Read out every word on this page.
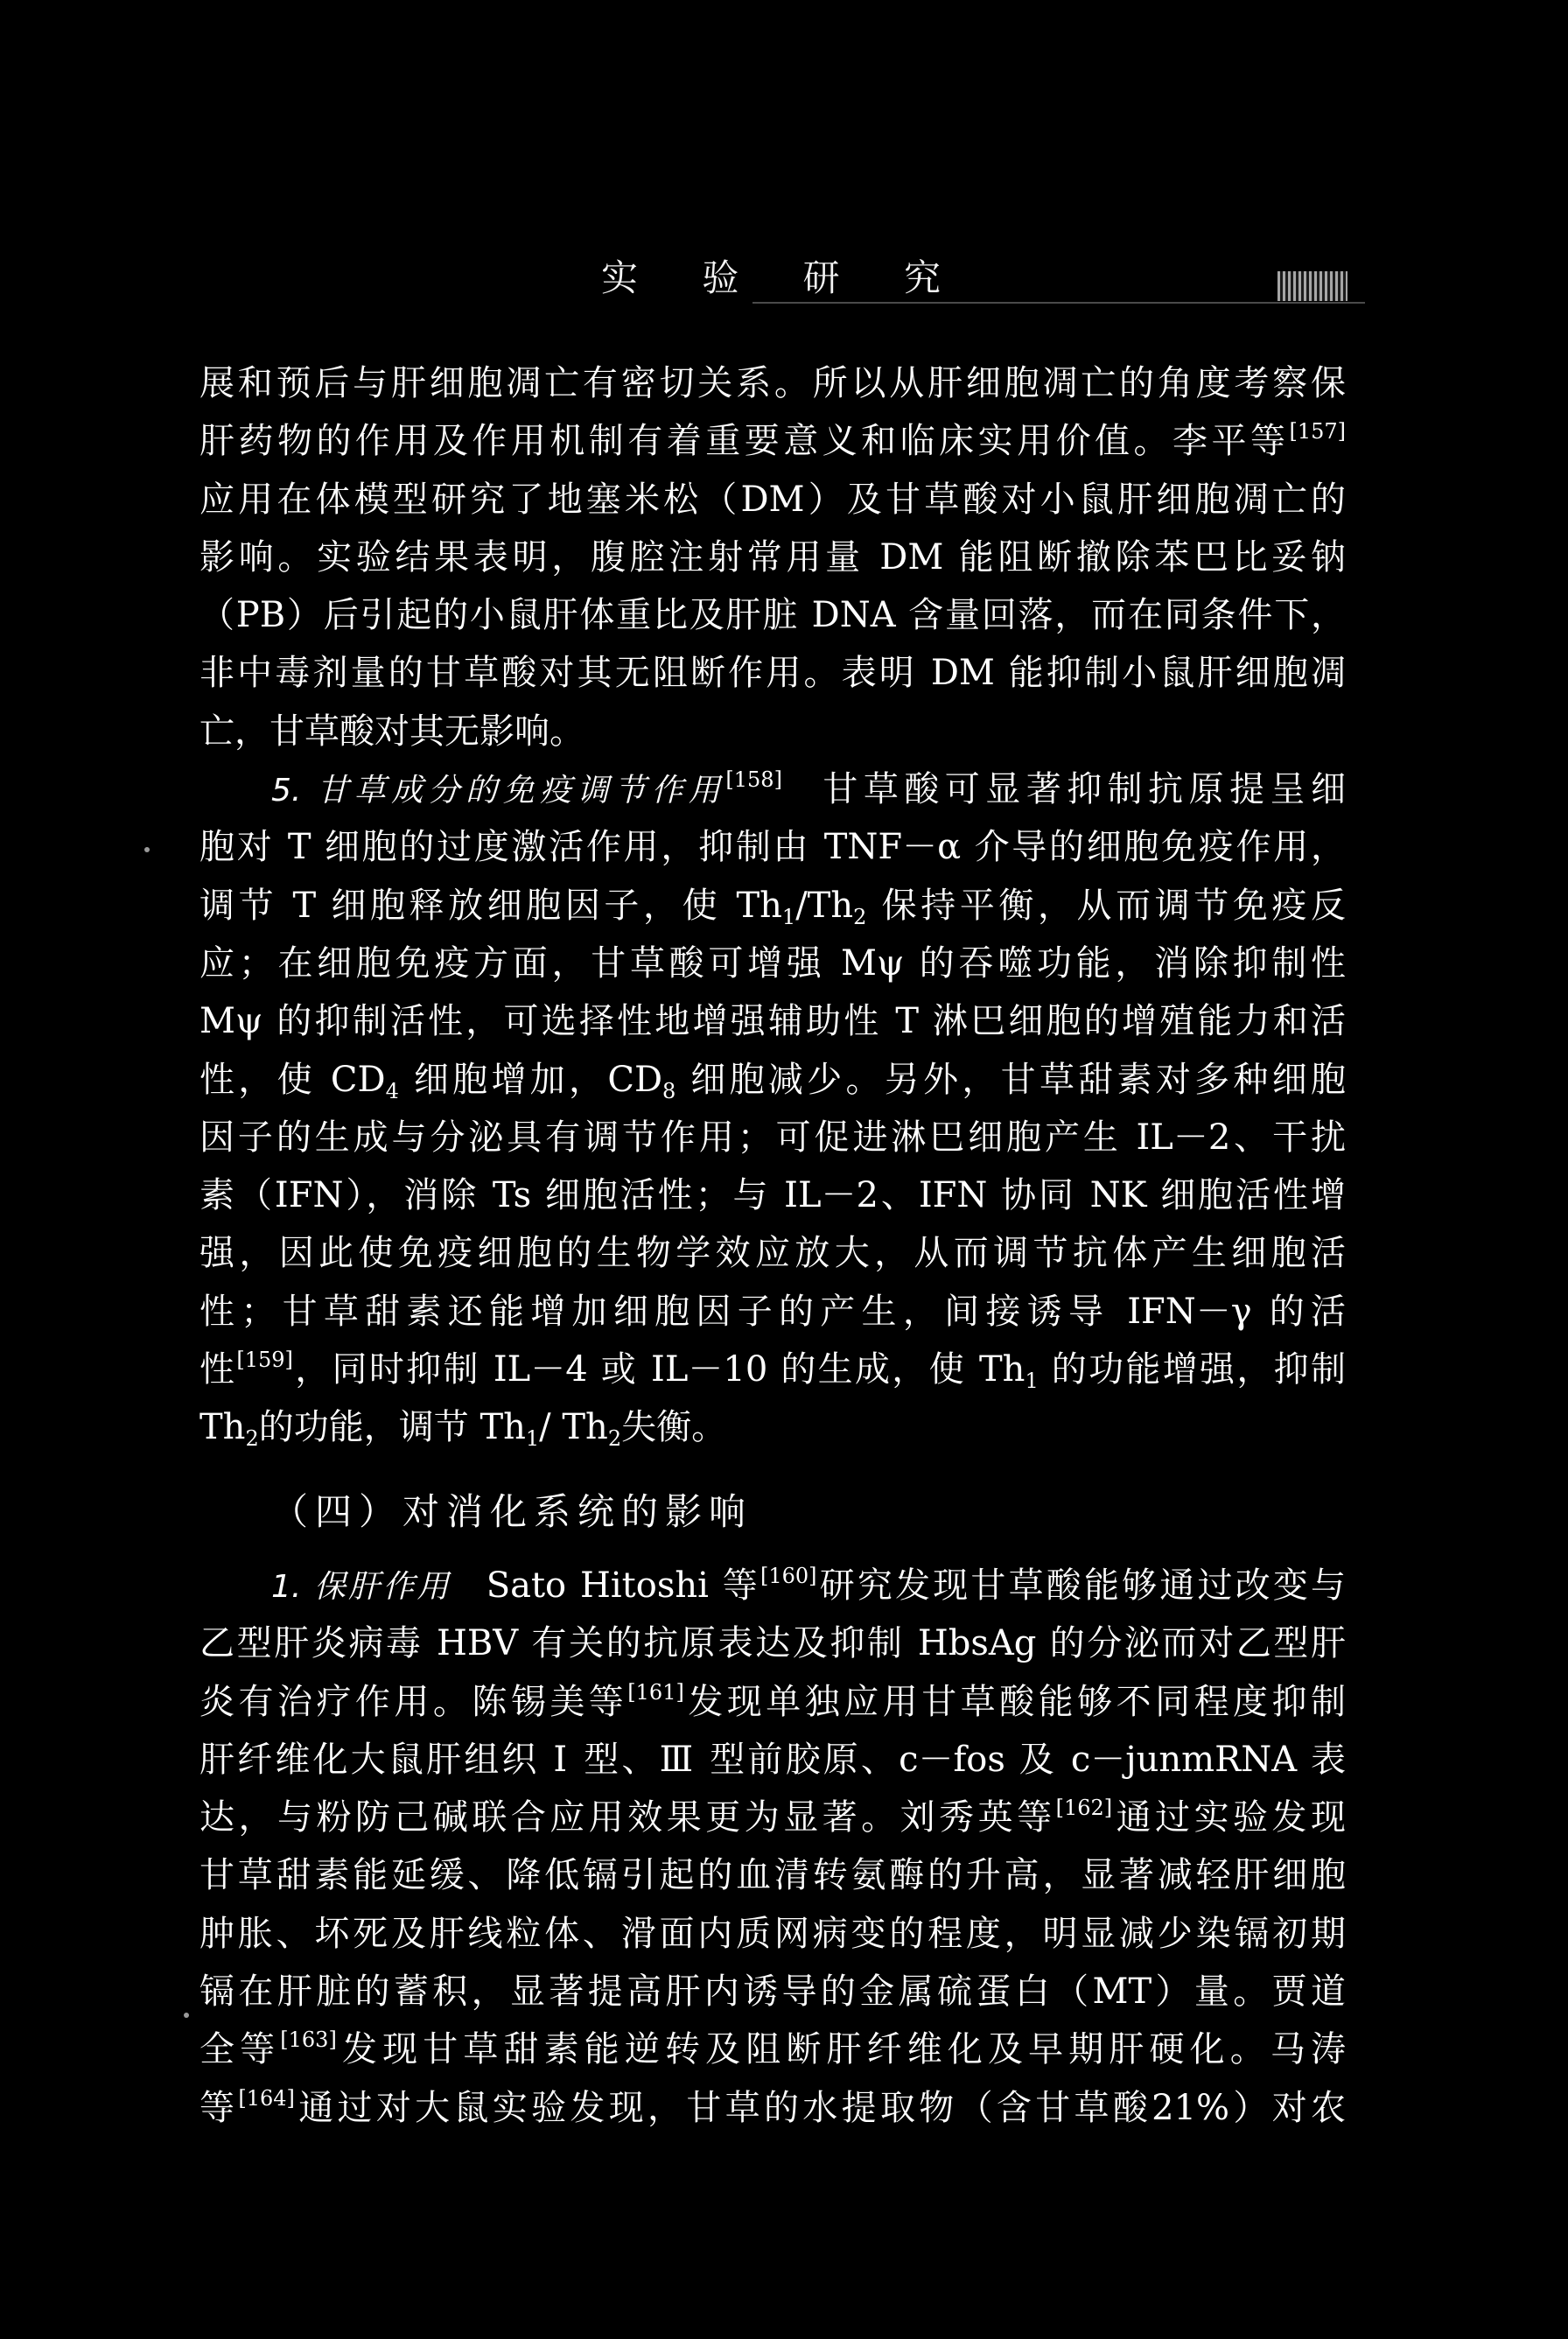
实 验 研 究
展和预后与肝细胞凋亡有密切关系。所以从肝细胞凋亡的角度考察保
肝药物的作用及作用机制有着重要意义和临床实用价值。李平等[157]
应用在体模型研究了地塞米松（DM）及甘草酸对小鼠肝细胞凋亡的
影响。实验结果表明，腹腔注射常用量 DM 能阻断撤除苯巴比妥钠
（PB）后引起的小鼠肝体重比及肝脏 DNA 含量回落，而在同条件下，
非中毒剂量的甘草酸对其无阻断作用。表明 DM 能抑制小鼠肝细胞凋
亡，甘草酸对其无影响。
5. 甘草成分的免疫调节作用[158] 甘草酸可显著抑制抗原提呈细
胞对 T 细胞的过度激活作用，抑制由 TNF－α 介导的细胞免疫作用，
调节 T 细胞释放细胞因子，使 $Th_1/Th_2$ 保持平衡，从而调节免疫反
应；在细胞免疫方面，甘草酸可增强 Mψ 的吞噬功能，消除抑制性
Mψ 的抑制活性，可选择性地增强辅助性 T 淋巴细胞的增殖能力和活
性，使 $CD_4$ 细胞增加，$CD_8$ 细胞减少。另外，甘草甜素对多种细胞
因子的生成与分泌具有调节作用；可促进淋巴细胞产生 IL－2、干扰
素（IFN），消除 Ts 细胞活性；与 IL－2、IFN 协同 NK 细胞活性增
强，因此使免疫细胞的生物学效应放大，从而调节抗体产生细胞活
性；甘草甜素还能增加细胞因子的产生，间接诱导 IFN－γ 的活
性[159]，同时抑制 IL－4 或 IL－10 的生成，使 $Th_1$ 的功能增强，抑制
$Th_2$的功能，调节 $Th_1/$ $Th_2$失衡。
（四）对消化系统的影响
1. 保肝作用 Sato Hitoshi 等[160]研究发现甘草酸能够通过改变与
乙型肝炎病毒 HBV 有关的抗原表达及抑制 HbsAg 的分泌而对乙型肝
炎有治疗作用。陈锡美等[161]发现单独应用甘草酸能够不同程度抑制
肝纤维化大鼠肝组织 Ⅰ 型、Ⅲ 型前胶原、c－fos 及 c－junmRNA 表
达，与粉防己碱联合应用效果更为显著。刘秀英等[162]通过实验发现
甘草甜素能延缓、降低镉引起的血清转氨酶的升高，显著减轻肝细胞
肿胀、坏死及肝线粒体、滑面内质网病变的程度，明显减少染镉初期
镉在肝脏的蓄积，显著提高肝内诱导的金属硫蛋白（MT）量。贾道
全等[163]发现甘草甜素能逆转及阻断肝纤维化及早期肝硬化。马涛
等[164]通过对大鼠实验发现，甘草的水提取物（含甘草酸21%）对农
